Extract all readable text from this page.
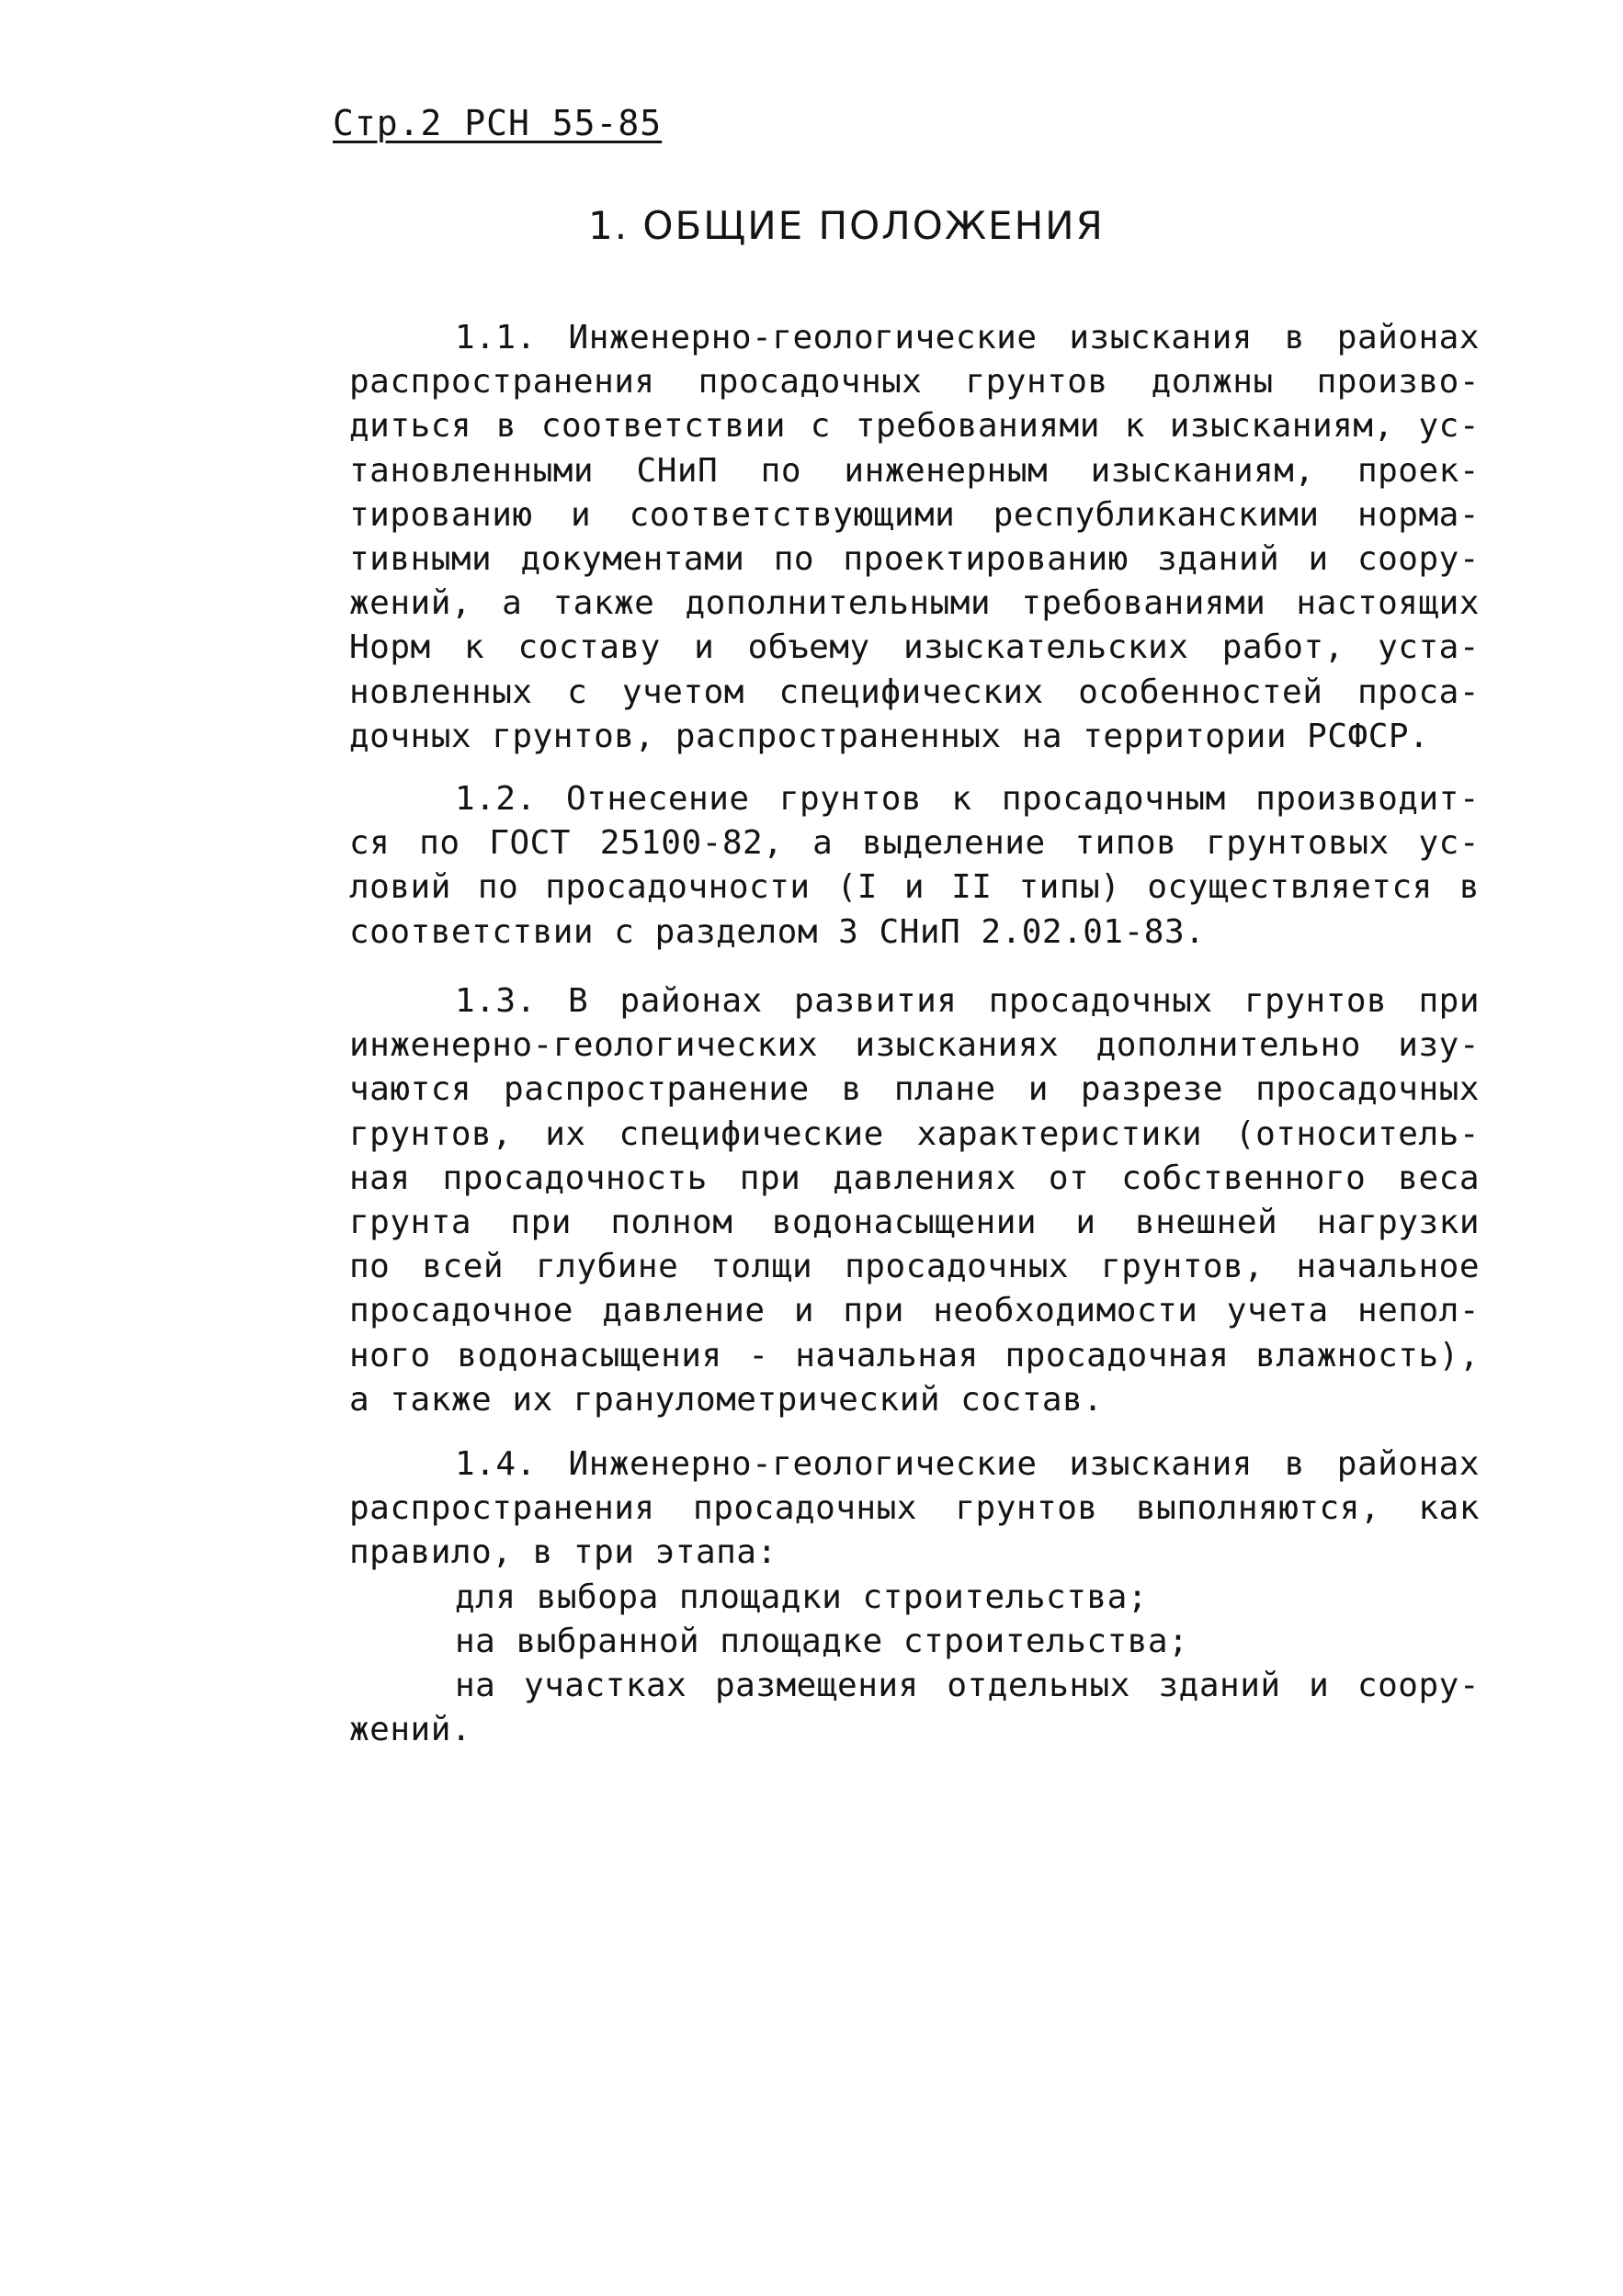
Стр.2 РСН 55-85
1. ОБЩИЕ ПОЛОЖЕНИЯ
1.1. Инженерно-геологические изыскания в районах
распространения просадочных грунтов должны произво-
диться в соответствии с требованиями к изысканиям, ус-
тановленными СНиП по инженерным изысканиям, проек-
тированию и соответствующими республиканскими норма-
тивными документами по проектированию зданий и соору-
жений, а также дополнительными требованиями настоящих
Норм к составу и объему изыскательских работ, уста-
новленных с учетом специфических особенностей проса-
дочных грунтов, распространенных на территории РСФСР.
1.2. Отнесение грунтов к просадочным производит-
ся по ГОСТ 25100-82, а выделение типов грунтовых ус-
ловий по просадочности (I и II типы) осуществляется в
соответствии с разделом 3 СНиП 2.02.01-83.
1.3. В районах развития просадочных грунтов при
инженерно-геологических изысканиях дополнительно изу-
чаются распространение в плане и разрезе просадочных
грунтов, их специфические характеристики (относитель-
ная просадочность при давлениях от собственного веса
грунта при полном водонасыщении и внешней нагрузки
по всей глубине толщи просадочных грунтов, начальное
просадочное давление и при необходимости учета непол-
ного водонасыщения - начальная просадочная влажность),
а также их гранулометрический состав.
1.4. Инженерно-геологические изыскания в районах
распространения просадочных грунтов выполняются, как
правило, в три этапа:
для выбора площадки строительства;
на выбранной площадке строительства;
на участках размещения отдельных зданий и соору-
жений.
